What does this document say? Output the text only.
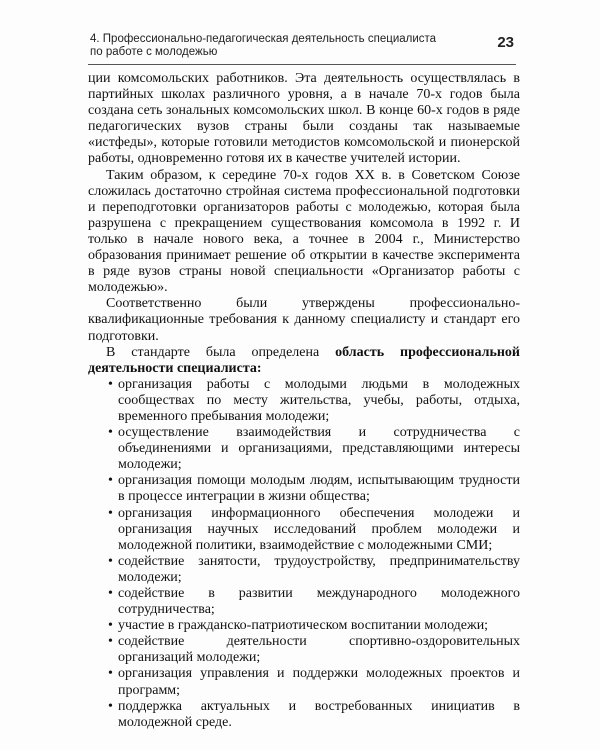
4. Профессионально-педагогическая деятельность специалиста по работе с молодежью
23

ции комсомольских работников. Эта деятельность осуществлялась в партийных школах различного уровня, а в начале 70-х годов была создана сеть зональных комсомольских школ. В конце 60-х годов в ряде педагогических вузов страны были созданы так называемые «истфеды», которые готовили методистов комсомольской и пионерской работы, одновременно готовя их в качестве учителей истории.

Таким образом, к середине 70-х годов XX в. в Советском Союзе сложилась достаточно стройная система профессиональной подготовки и переподготовки организаторов работы с молодежью, которая была разрушена с прекращением существования комсомола в 1992 г. И только в начале нового века, а точнее в 2004 г., Министерство образования принимает решение об открытии в качестве эксперимента в ряде вузов страны новой специальности «Организатор работы с молодежью».

Соответственно были утверждены профессионально-квалификационные требования к данному специалисту и стандарт его подготовки.

В стандарте была определена область профессиональной деятельности специалиста:

• организация работы с молодыми людьми в молодежных сообществах по месту жительства, учебы, работы, отдыха, временного пребывания молодежи;
• осуществление взаимодействия и сотрудничества с объединениями и организациями, представляющими интересы молодежи;
• организация помощи молодым людям, испытывающим трудности в процессе интеграции в жизни общества;
• организация информационного обеспечения молодежи и организация научных исследований проблем молодежи и молодежной политики, взаимодействие с молодежными СМИ;
• содействие занятости, трудоустройству, предпринимательству молодежи;
• содействие в развитии международного молодежного сотрудничества;
• участие в гражданско-патриотическом воспитании молодежи;
• содействие деятельности спортивно-оздоровительных организаций молодежи;
• организация управления и поддержки молодежных проектов и программ;
• поддержка актуальных и востребованных инициатив в молодежной среде.
